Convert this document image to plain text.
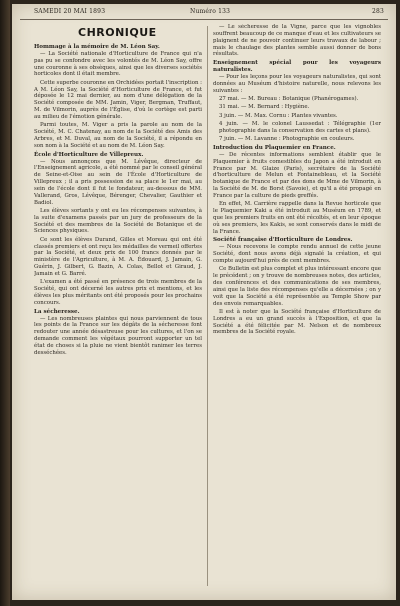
SAMEDI 20 MAI 1893	Numéro 133	283
CHRONIQUE
Hommage à la mémoire de M. Léon Say.

— La Société nationale d'Horticulture de France qui n'a pas pu se confondre avec les volontés de M. Léon Say, offre une couronne à ses obsèques, ainsi que les diverses sociétés horticoles dont il était membre.

Cette superbe couronne en Orchidées portait l'inscription : A M. Léon Say, la Société d'Horticulture de France, et fut déposée le 12 mai dernier, au nom d'une délégation de la Société composée de MM. Jamin, Viger, Bergman, Truffaut, M. de Vilmorin, auprès de l'Église, d'où le cortège est parti au milieu de l'émotion générale.

Parmi toutes, M. Viger a pris la parole au nom de la Société, M. C. Chatenay, au nom de la Société des Amis des Arbres, et M. Duval, au nom de la Société, il a répondu en son nom à la Société et au nom de M. Léon Say.

École d'Horticulture de Villepreux.

— Nous annonçons que M. Lévêque, directeur de l'Enseignement agricole, a été nommé par le conseil général de Seine-et-Oise au sein de l'École d'Horticulture de Villepreux ; il a pris possession de sa place le 1er mai, au sein de l'école dont il fut le fondateur, au-dessous de MM. Vallerand, Gros, Lévêque, Bérenger, Chevalier, Gauthier et Badiol.

Les élèves sortants y ont eu les récompenses suivantes, à la suite d'examens passés par un jury de professeurs de la Société et des membres de la Société de Botanique et de Sciences physiques.

Ce sont les élèves Durand, Gilles et Moreau qui ont été classés premiers et ont reçu les médailles de vermeil offertes par la Société, et deux prix de 100 francs donnés par le ministère de l'Agriculture, à M. A. Édouard, J. Jamain, G. Guérin, J. Gilbert, G. Bazin, A. Colas, Bellot et Giraud, J. Jamain et G. Barré.

L'examen a été passé en présence de trois membres de la Société, qui ont décerné les autres prix et mentions, et les élèves les plus méritants ont été proposés pour les prochains concours.

La sécheresse.

— Les nombreuses plaintes qui nous parviennent de tous les points de la France sur les dégâts de la sécheresse font redouter une année désastreuse pour les cultures, et l'on se demande comment les végétaux pourront supporter un tel état de choses si la pluie ne vient bientôt ranimer les terres desséchées.

— Le sécheresse de la Vigne, parce que les vignobles souffrent beaucoup de ce manque d'eau et les cultivateurs se plaignent de ne pouvoir continuer leurs travaux de labour ; mais le chaulage des plantes semble aussi donner de bons résultats.

Enseignement spécial pour les voyageurs naturalistes.

— Pour les leçons pour les voyageurs naturalistes, qui sont données au Muséum d'histoire naturelle, nous relevons les suivantes :

27 mai. — M. Bureau : Botanique (Phanérogames).

31 mai. — M. Bernard : Hygiène.

3 juin. — M. Max. Cornu : Plantes vivantes.

4 juin. — M. le colonel Laussedat : Télégraphie (1er photographie dans la conservation des cartes et plans).

7 juin. — M. Lavanne : Photographie en couleurs.

Introduction du Plaquemier en France.

— De récentes informations semblent établir que le Plaquemier à fruits comestibles du Japon a été introduit en France par M. Glaize (Paris), secrétaire de la Société d'horticulture de Melun et Fontainebleau, et la Société botanique de France et par des dons de Mme de Vilmorin, à la Société de M. de Borst (Savoie), et qu'il a été propagé en France par la culture de pieds greffés.

En effet, M. Carrière rappelle dans la Revue horticole que le Plaquemier Kaki a été introduit au Muséum en 1789, et que les premiers fruits en ont été récoltés, et en leur époque où ses premiers, les Kakis, se sont conservés dans le midi de la France.

Société française d'Horticulture de Londres.

— Nous recevons le compte rendu annuel de cette jeune Société, dont nous avons déjà signalé la création, et qui compte aujourd'hui près de cent membres.

Ce Bulletin est plus complet et plus intéressant encore que le précédent ; on y trouve de nombreuses notes, des articles, des conférences et des communications de ses membres, ainsi que la liste des récompenses qu'elle a décernées ; on y voit que la Société a été représentée au Temple Show par des envois remarquables.

Il est à noter que la Société française d'Horticulture de Londres a eu un grand succès à l'Exposition, et que la Société a été félicitée par M. Nelson et de nombreux membres de la Société royale.
